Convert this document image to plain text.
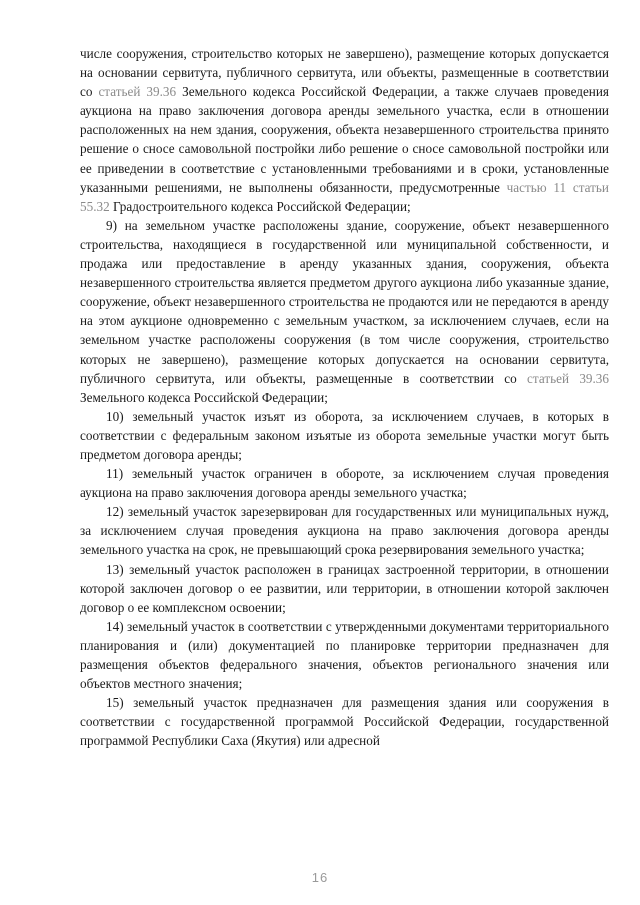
числе сооружения, строительство которых не завершено), размещение которых допускается на основании сервитута, публичного сервитута, или объекты, размещенные в соответствии со статьей 39.36 Земельного кодекса Российской Федерации, а также случаев проведения аукциона на право заключения договора аренды земельного участка, если в отношении расположенных на нем здания, сооружения, объекта незавершенного строительства принято решение о сносе самовольной постройки либо решение о сносе самовольной постройки или ее приведении в соответствие с установленными требованиями и в сроки, установленные указанными решениями, не выполнены обязанности, предусмотренные частью 11 статьи 55.32 Градостроительного кодекса Российской Федерации;

9) на земельном участке расположены здание, сооружение, объект незавершенного строительства, находящиеся в государственной или муниципальной собственности, и продажа или предоставление в аренду указанных здания, сооружения, объекта незавершенного строительства является предметом другого аукциона либо указанные здание, сооружение, объект незавершенного строительства не продаются или не передаются в аренду на этом аукционе одновременно с земельным участком, за исключением случаев, если на земельном участке расположены сооружения (в том числе сооружения, строительство которых не завершено), размещение которых допускается на основании сервитута, публичного сервитута, или объекты, размещенные в соответствии со статьей 39.36 Земельного кодекса Российской Федерации;

10) земельный участок изъят из оборота, за исключением случаев, в которых в соответствии с федеральным законом изъятые из оборота земельные участки могут быть предметом договора аренды;

11) земельный участок ограничен в обороте, за исключением случая проведения аукциона на право заключения договора аренды земельного участка;

12) земельный участок зарезервирован для государственных или муниципальных нужд, за исключением случая проведения аукциона на право заключения договора аренды земельного участка на срок, не превышающий срока резервирования земельного участка;

13) земельный участок расположен в границах застроенной территории, в отношении которой заключен договор о ее развитии, или территории, в отношении которой заключен договор о ее комплексном освоении;

14) земельный участок в соответствии с утвержденными документами территориального планирования и (или) документацией по планировке территории предназначен для размещения объектов федерального значения, объектов регионального значения или объектов местного значения;

15) земельный участок предназначен для размещения здания или сооружения в соответствии с государственной программой Российской Федерации, государственной программой Республики Саха (Якутия) или адресной

16
